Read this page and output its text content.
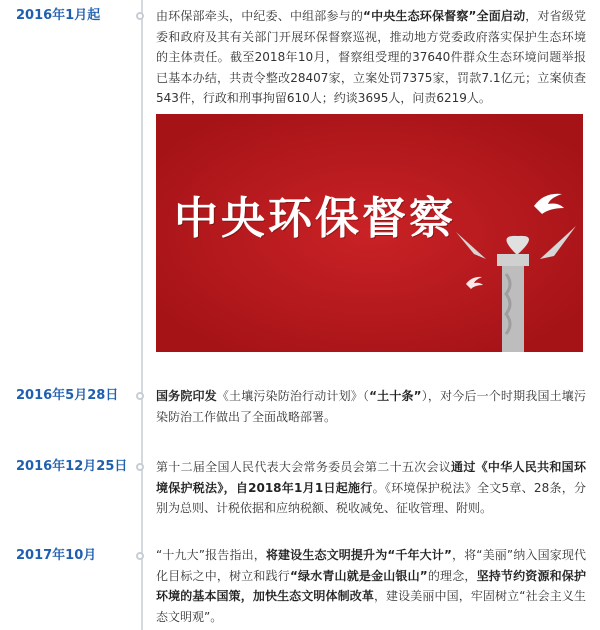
2016年1月起	由环保部牵头，中纪委、中组部参与的“中央生态环保督察”全面启动，对省级党委和政府及其有关部门开展环保督察巡视，推动地方党委政府落实保护生态环境的主体责任。截至2018年10月，督察组受理的37640件群众生态环境问题举报已基本办结，共责令整改28407家，立案处罚7375家，罚款7.1亿元；立案侦查543件，行政和刑事拘留610人；约谈3695人，问责6219人。
中央环保督察
2016年5月28日	国务院印发《土壤污染防治行动计划》（“土十条”），对今后一个时期我国土壤污染防治工作做出了全面战略部署。
2016年12月25日 第十二届全国人民代表大会常务委员会第二十五次会议通过《中华人民共和国环境保护税法》，自2018年1月1日起施行。《环境保护税法》全文5章、28条，分别为总则、计税依据和应纳税额、税收减免、征收管理、附则。
2017年10月	“十九大”报告指出，将建设生态文明提升为“千年大计”，将“美丽”纳入国家现代化目标之中，树立和践行“绿水青山就是金山银山”的理念，坚持节约资源和保护环境的基本国策，加快生态文明体制改革，建设美丽中国，牢固树立“社会主义生态文明观”。
